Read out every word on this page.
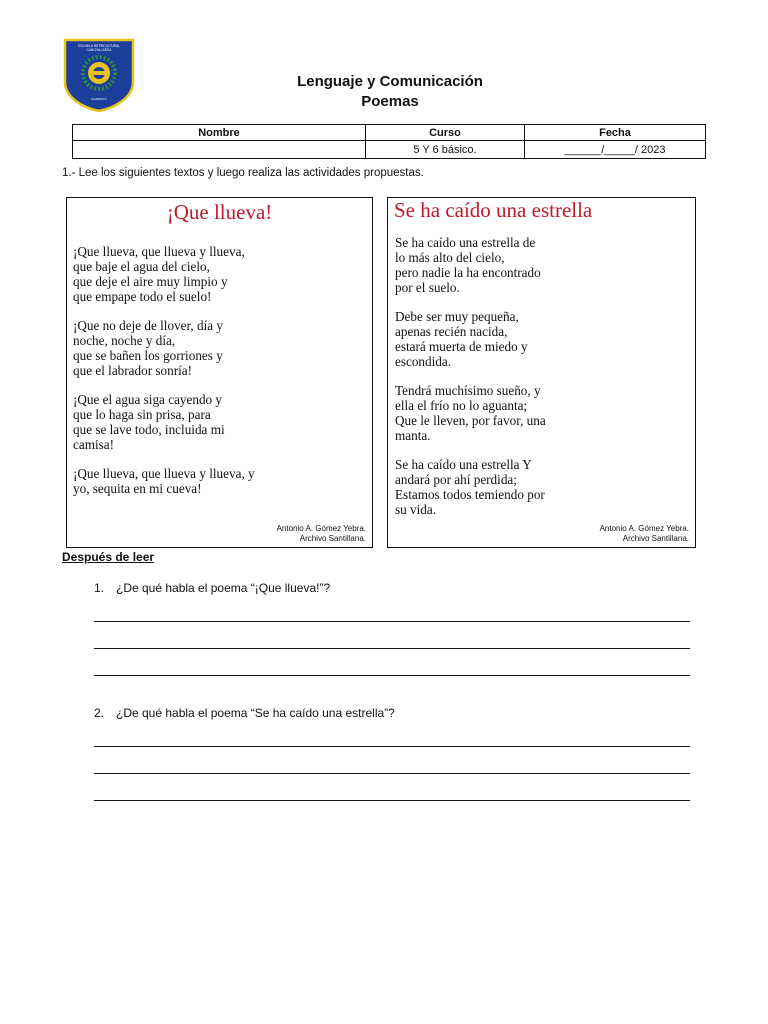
ESCUELA INTERCULTURAL
CANCHA LARGA
CHAIMAYO
Lenguaje y Comunicación
Poemas
Nombre	Curso	Fecha
	5 Y 6 básico.	______/_____/ 2023
1.- Lee los siguientes textos y luego realiza las actividades propuestas.
¡Que llueva!
¡Que llueva, que llueva y llueva,
que baje el agua del cielo,
que deje el aire muy limpio y
que empape todo el suelo!
¡Que no deje de llover, día y
noche, noche y día,
que se bañen los gorriones y
que el labrador sonría!
¡Que el agua siga cayendo y
que lo haga sin prisa, para
que se lave todo, incluida mi
camisa!
¡Que llueva, que llueva y llueva, y
yo, sequita en mi cueva!
Antonio A. Gómez Yebra.
Archivo Santillana.
Se ha caído una estrella
Se ha caído una estrella de
lo más alto del cielo,
pero nadie la ha encontrado
por el suelo.
Debe ser muy pequeña,
apenas recién nacida,
estará muerta de miedo y
escondida.
Tendrá muchísimo sueño, y
ella el frío no lo aguanta;
Que le lleven, por favor, una
manta.
Se ha caído una estrella Y
andará por ahí perdida;
Estamos todos temiendo por
su vida.
Antonio A. Gómez Yebra.
Archivo Santillana.
Después de leer
1. ¿De qué habla el poema “¡Que llueva!”?
2. ¿De qué habla el poema “Se ha caído una estrella”?
